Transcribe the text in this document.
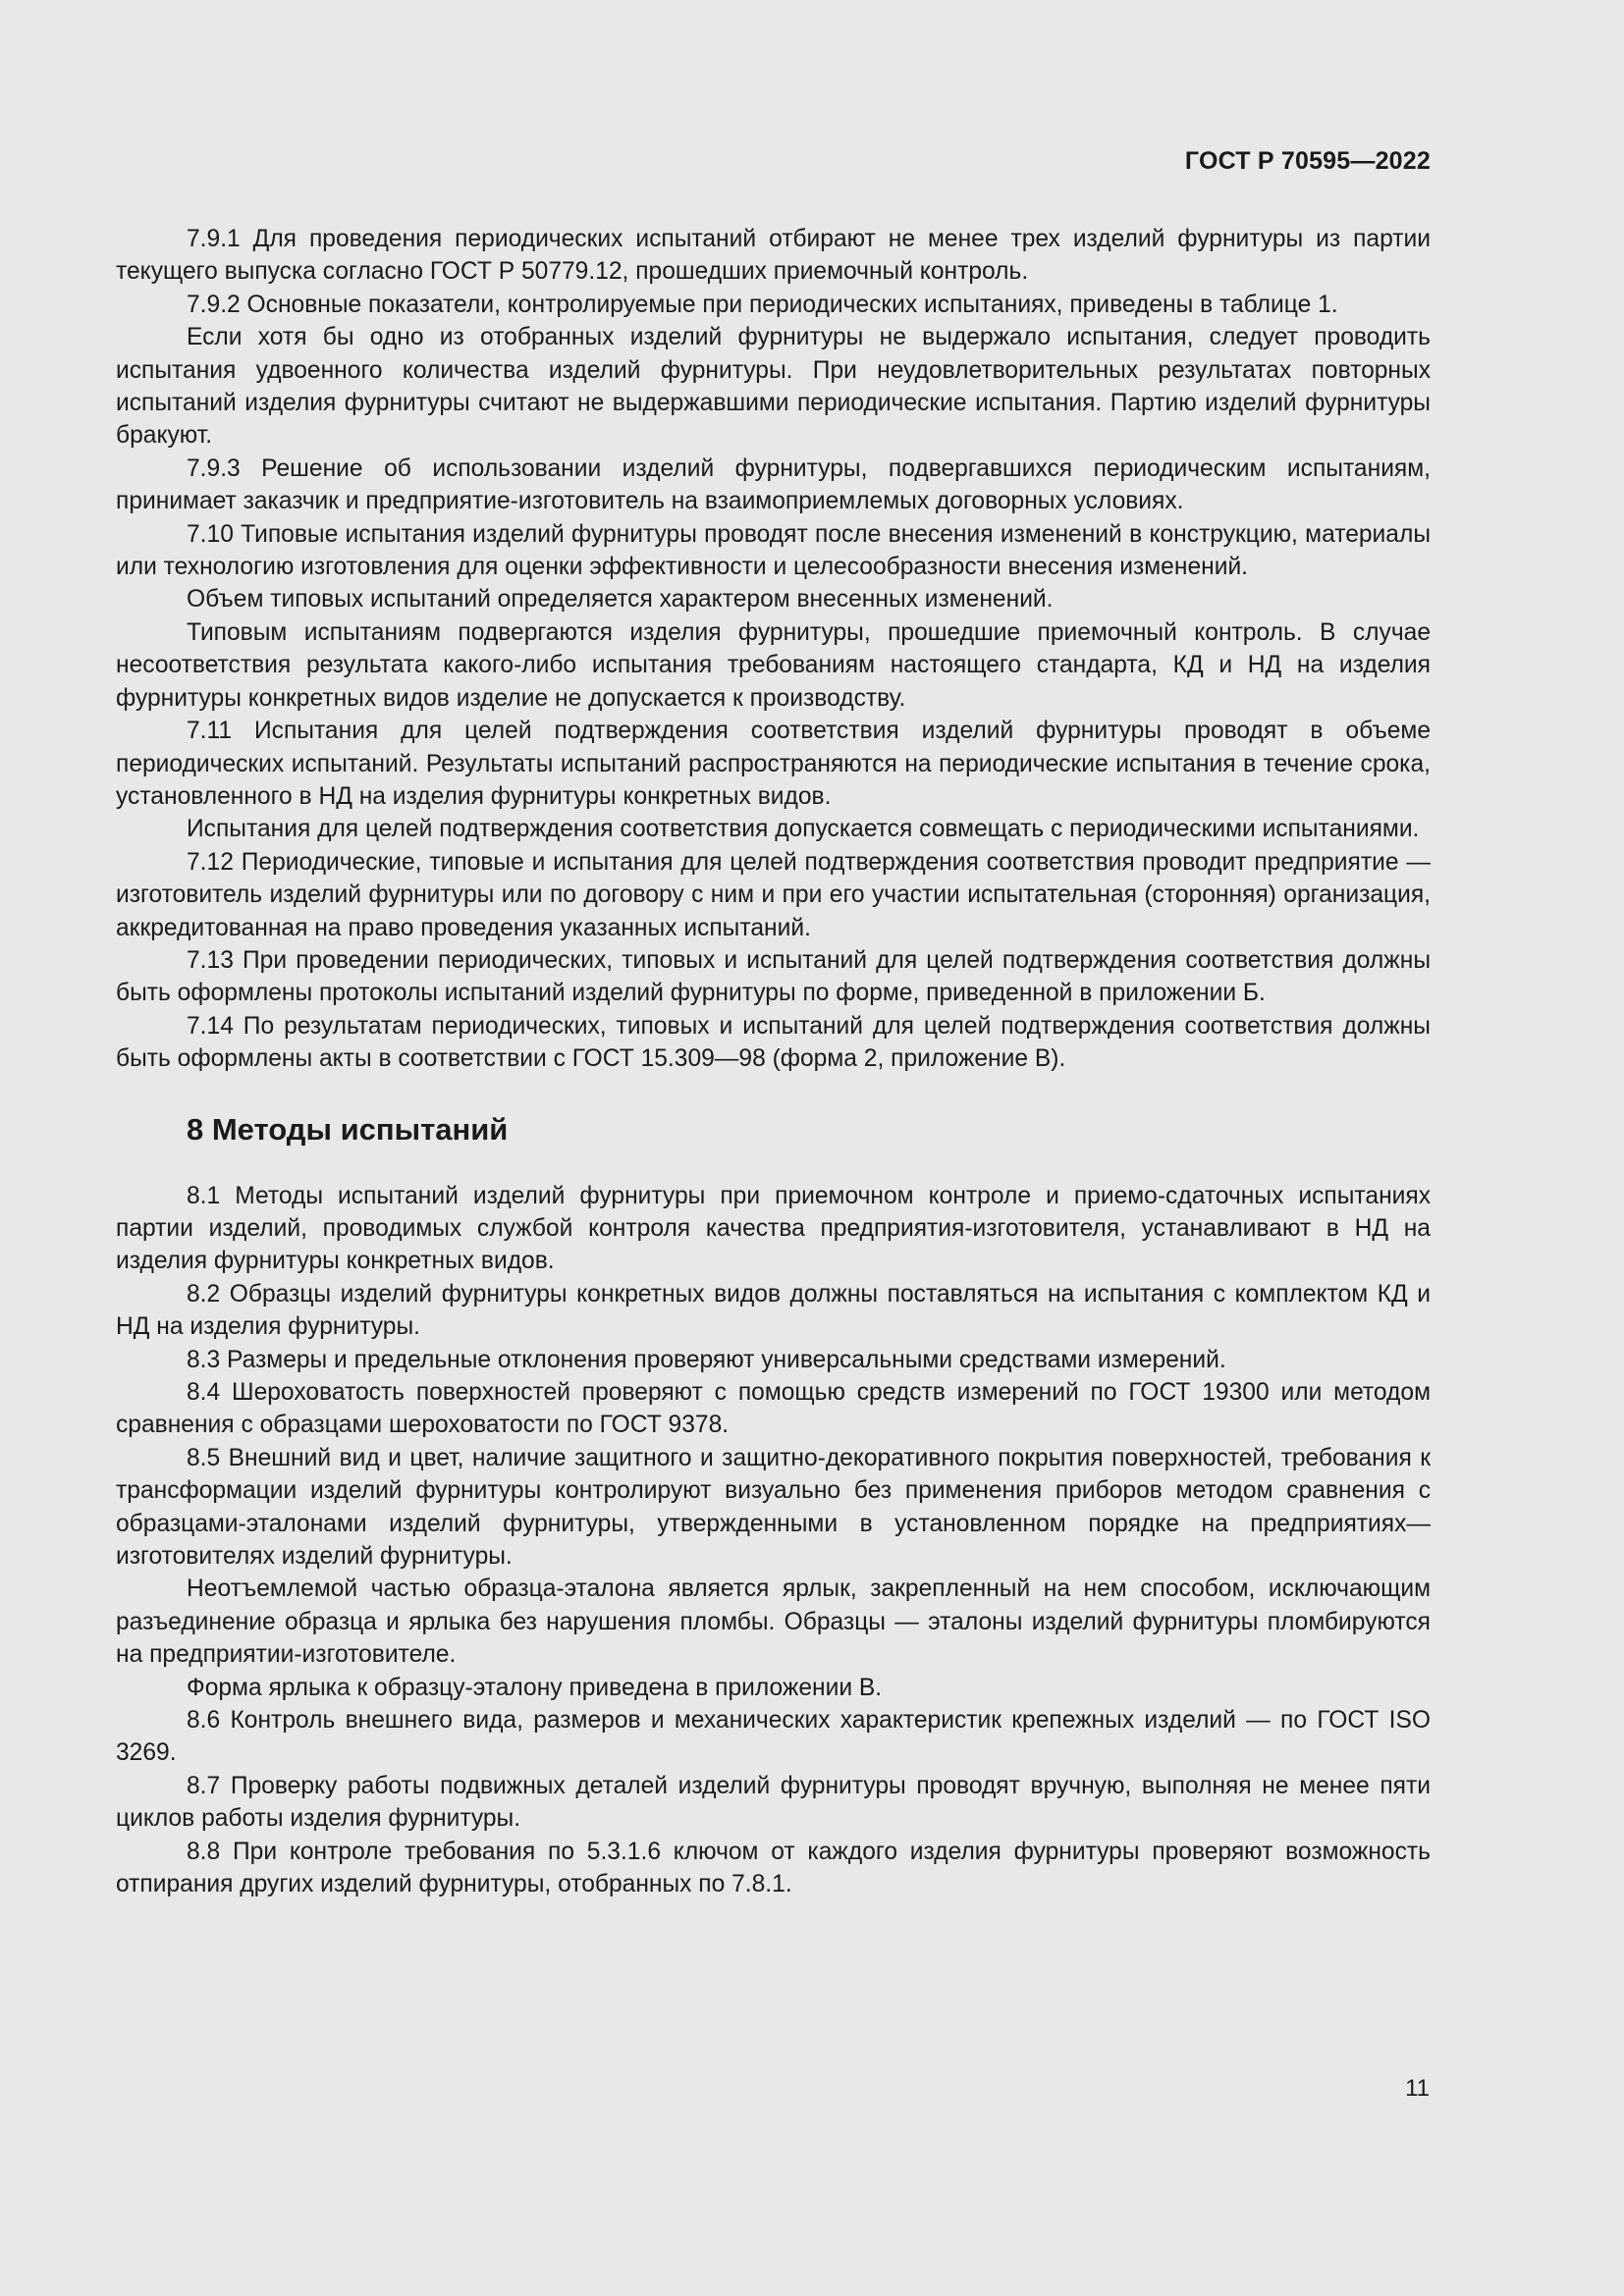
ГОСТ Р 70595—2022

7.9.1 Для проведения периодических испытаний отбирают не менее трех изделий фурнитуры из партии текущего выпуска согласно ГОСТ Р 50779.12, прошедших приемочный контроль.

7.9.2 Основные показатели, контролируемые при периодических испытаниях, приведены в таблице 1.

Если хотя бы одно из отобранных изделий фурнитуры не выдержало испытания, следует проводить испытания удвоенного количества изделий фурнитуры. При неудовлетворительных результатах повторных испытаний изделия фурнитуры считают не выдержавшими периодические испытания. Партию изделий фурнитуры бракуют.

7.9.3 Решение об использовании изделий фурнитуры, подвергавшихся периодическим испытаниям, принимает заказчик и предприятие-изготовитель на взаимоприемлемых договорных условиях.

7.10 Типовые испытания изделий фурнитуры проводят после внесения изменений в конструкцию, материалы или технологию изготовления для оценки эффективности и целесообразности внесения изменений.

Объем типовых испытаний определяется характером внесенных изменений.

Типовым испытаниям подвергаются изделия фурнитуры, прошедшие приемочный контроль. В случае несоответствия результата какого-либо испытания требованиям настоящего стандарта, КД и НД на изделия фурнитуры конкретных видов изделие не допускается к производству.

7.11 Испытания для целей подтверждения соответствия изделий фурнитуры проводят в объеме периодических испытаний. Результаты испытаний распространяются на периодические испытания в течение срока, установленного в НД на изделия фурнитуры конкретных видов.

Испытания для целей подтверждения соответствия допускается совмещать с периодическими испытаниями.

7.12 Периодические, типовые и испытания для целей подтверждения соответствия проводит предприятие — изготовитель изделий фурнитуры или по договору с ним и при его участии испытательная (сторонняя) организация, аккредитованная на право проведения указанных испытаний.

7.13 При проведении периодических, типовых и испытаний для целей подтверждения соответствия должны быть оформлены протоколы испытаний изделий фурнитуры по форме, приведенной в приложении Б.

7.14 По результатам периодических, типовых и испытаний для целей подтверждения соответствия должны быть оформлены акты в соответствии с ГОСТ 15.309—98 (форма 2, приложение В).

8 Методы испытаний

8.1 Методы испытаний изделий фурнитуры при приемочном контроле и приемо-сдаточных испытаниях партии изделий, проводимых службой контроля качества предприятия-изготовителя, устанавливают в НД на изделия фурнитуры конкретных видов.

8.2 Образцы изделий фурнитуры конкретных видов должны поставляться на испытания с комплектом КД и НД на изделия фурнитуры.

8.3 Размеры и предельные отклонения проверяют универсальными средствами измерений.

8.4 Шероховатость поверхностей проверяют с помощью средств измерений по ГОСТ 19300 или методом сравнения с образцами шероховатости по ГОСТ 9378.

8.5 Внешний вид и цвет, наличие защитного и защитно-декоративного покрытия поверхностей, требования к трансформации изделий фурнитуры контролируют визуально без применения приборов методом сравнения с образцами-эталонами изделий фурнитуры, утвержденными в установленном порядке на предприятиях—изготовителях изделий фурнитуры.

Неотъемлемой частью образца-эталона является ярлык, закрепленный на нем способом, исключающим разъединение образца и ярлыка без нарушения пломбы. Образцы — эталоны изделий фурнитуры пломбируются на предприятии-изготовителе.

Форма ярлыка к образцу-эталону приведена в приложении В.

8.6 Контроль внешнего вида, размеров и механических характеристик крепежных изделий — по ГОСТ ISO 3269.

8.7 Проверку работы подвижных деталей изделий фурнитуры проводят вручную, выполняя не менее пяти циклов работы изделия фурнитуры.

8.8 При контроле требования по 5.3.1.6 ключом от каждого изделия фурнитуры проверяют возможность отпирания других изделий фурнитуры, отобранных по 7.8.1.

11
